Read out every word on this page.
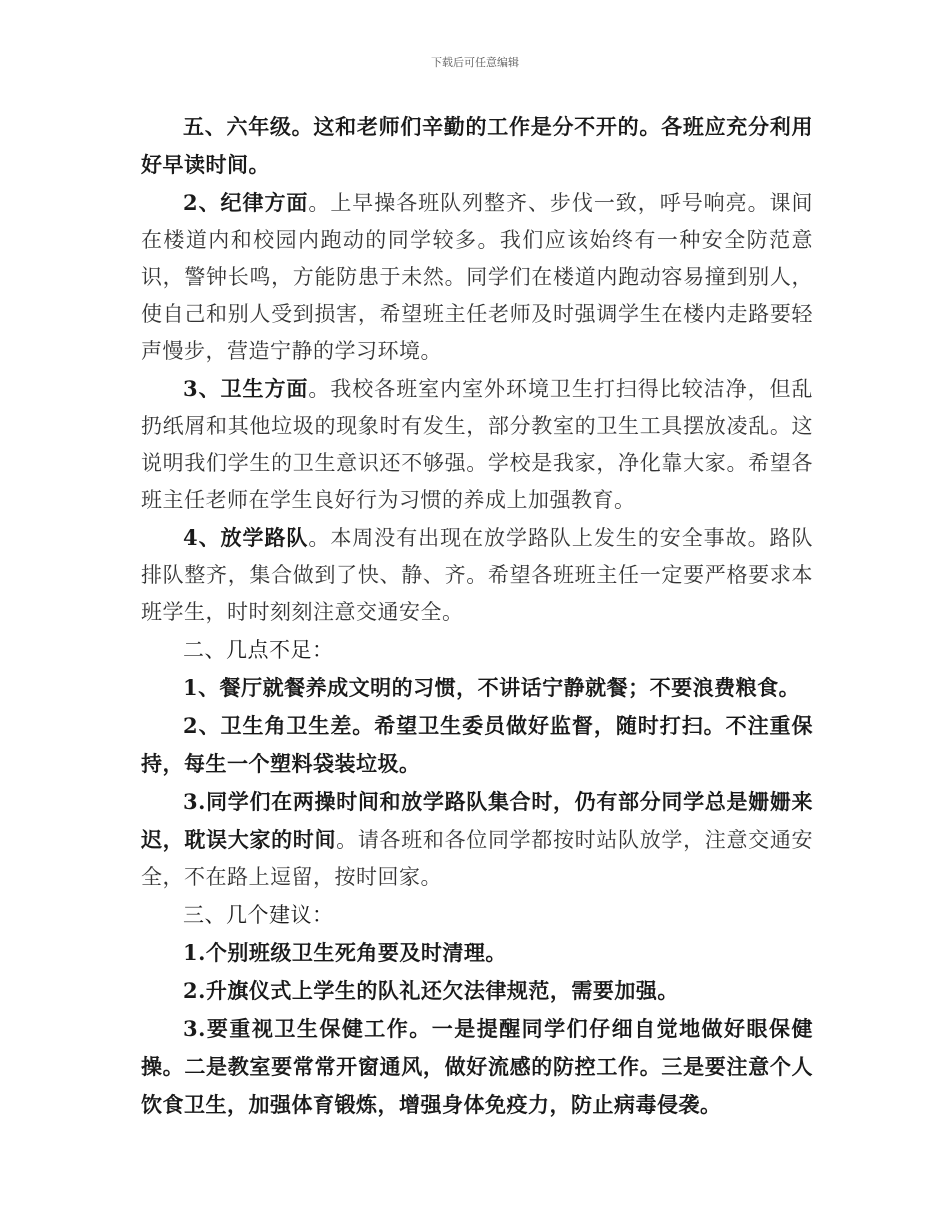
下载后可任意编辑

五、六年级。这和老师们辛勤的工作是分不开的。各班应充分利用好早读时间。

2、纪律方面。上早操各班队列整齐、步伐一致，呼号响亮。课间在楼道内和校园内跑动的同学较多。我们应该始终有一种安全防范意识，警钟长鸣，方能防患于未然。同学们在楼道内跑动容易撞到别人，使自己和别人受到损害，希望班主任老师及时强调学生在楼内走路要轻声慢步，营造宁静的学习环境。

3、卫生方面。我校各班室内室外环境卫生打扫得比较洁净，但乱扔纸屑和其他垃圾的现象时有发生，部分教室的卫生工具摆放凌乱。这说明我们学生的卫生意识还不够强。学校是我家，净化靠大家。希望各班主任老师在学生良好行为习惯的养成上加强教育。

4、放学路队。本周没有出现在放学路队上发生的安全事故。路队排队整齐，集合做到了快、静、齐。希望各班班主任一定要严格要求本班学生，时时刻刻注意交通安全。

二、几点不足：

1、餐厅就餐养成文明的习惯，不讲话宁静就餐；不要浪费粮食。

2、卫生角卫生差。希望卫生委员做好监督，随时打扫。不注重保持，每生一个塑料袋装垃圾。

3.同学们在两操时间和放学路队集合时，仍有部分同学总是姗姗来迟，耽误大家的时间。请各班和各位同学都按时站队放学，注意交通安全，不在路上逗留，按时回家。

三、几个建议：

1.个别班级卫生死角要及时清理。

2.升旗仪式上学生的队礼还欠法律规范，需要加强。

3.要重视卫生保健工作。一是提醒同学们仔细自觉地做好眼保健操。二是教室要常常开窗通风，做好流感的防控工作。三是要注意个人饮食卫生，加强体育锻炼，增强身体免疫力，防止病毒侵袭。
